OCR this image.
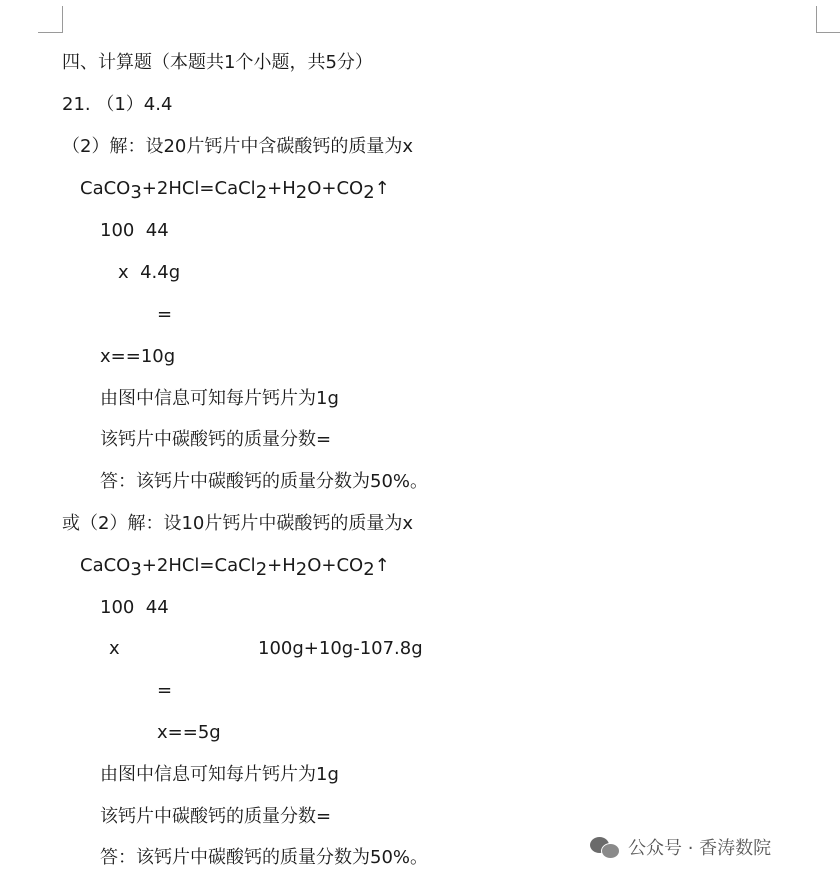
四、计算题（本题共1个小题，共5分）
21. （1）4.4
（2）解：设20片钙片中含碳酸钙的质量为x
CaCO3+2HCl=CaCl2+H2O+CO2↑
100  44
x  4.4g
=
x==10g
由图中信息可知每片钙片为1g
该钙片中碳酸钙的质量分数=
答：该钙片中碳酸钙的质量分数为50%。
或（2）解：设10片钙片中碳酸钙的质量为x
CaCO3+2HCl=CaCl2+H2O+CO2↑
100  44
x	100g+10g-107.8g
=
x==5g
由图中信息可知每片钙片为1g
该钙片中碳酸钙的质量分数=
答：该钙片中碳酸钙的质量分数为50%。	公众号 · 香涛数院
